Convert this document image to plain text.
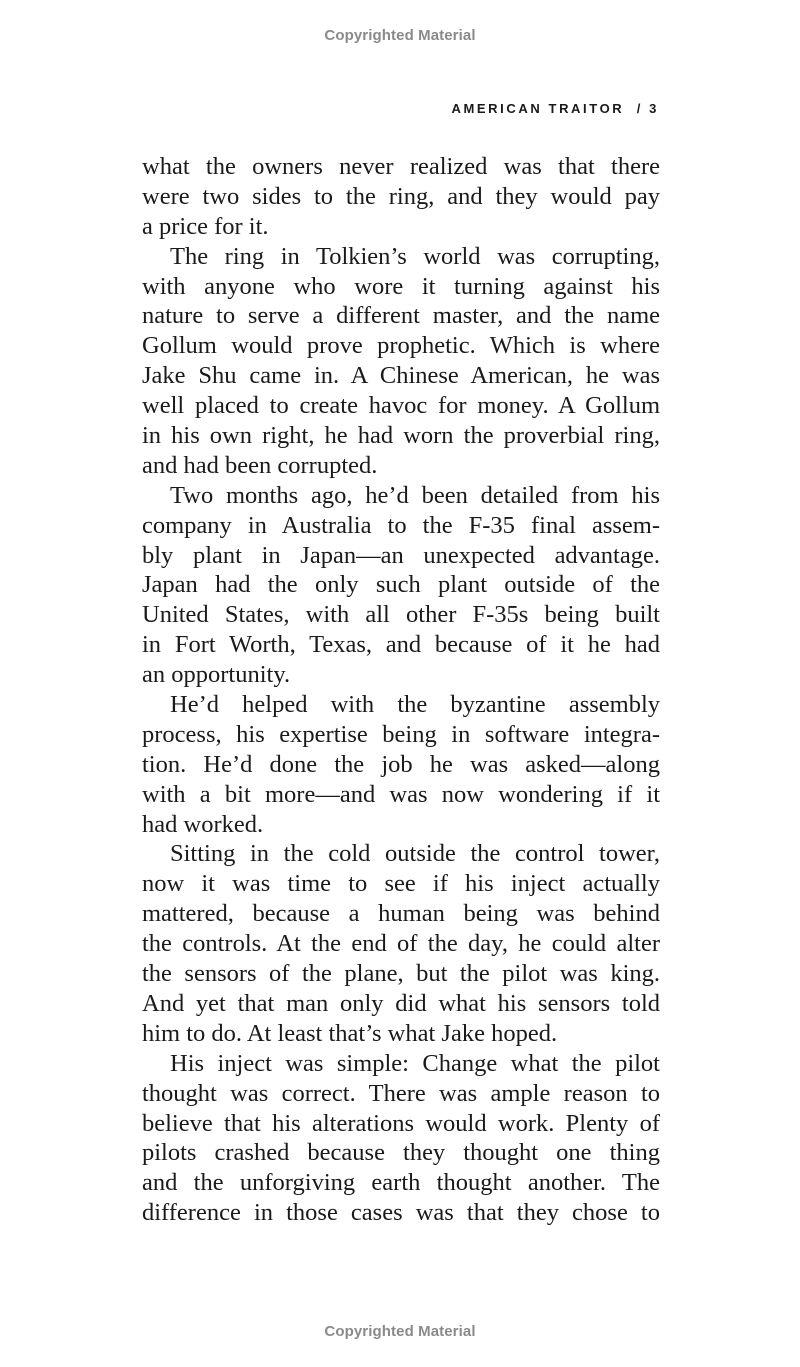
Copyrighted Material
AMERICAN TRAITOR / 3
what the owners never realized was that there
were two sides to the ring, and they would pay
a price for it.
The ring in Tolkien’s world was corrupting,
with anyone who wore it turning against his
nature to serve a different master, and the name
Gollum would prove prophetic. Which is where
Jake Shu came in. A Chinese American, he was
well placed to create havoc for money. A Gollum
in his own right, he had worn the proverbial ring,
and had been corrupted.
Two months ago, he’d been detailed from his
company in Australia to the F-35 final assem-
bly plant in Japan—an unexpected advantage.
Japan had the only such plant outside of the
United States, with all other F-35s being built
in Fort Worth, Texas, and because of it he had
an opportunity.
He’d helped with the byzantine assembly
process, his expertise being in software integra-
tion. He’d done the job he was asked—along
with a bit more—and was now wondering if it
had worked.
Sitting in the cold outside the control tower,
now it was time to see if his inject actually
mattered, because a human being was behind
the controls. At the end of the day, he could alter
the sensors of the plane, but the pilot was king.
And yet that man only did what his sensors told
him to do. At least that’s what Jake hoped.
His inject was simple: Change what the pilot
thought was correct. There was ample reason to
believe that his alterations would work. Plenty of
pilots crashed because they thought one thing
and the unforgiving earth thought another. The
difference in those cases was that they chose to
Copyrighted Material
